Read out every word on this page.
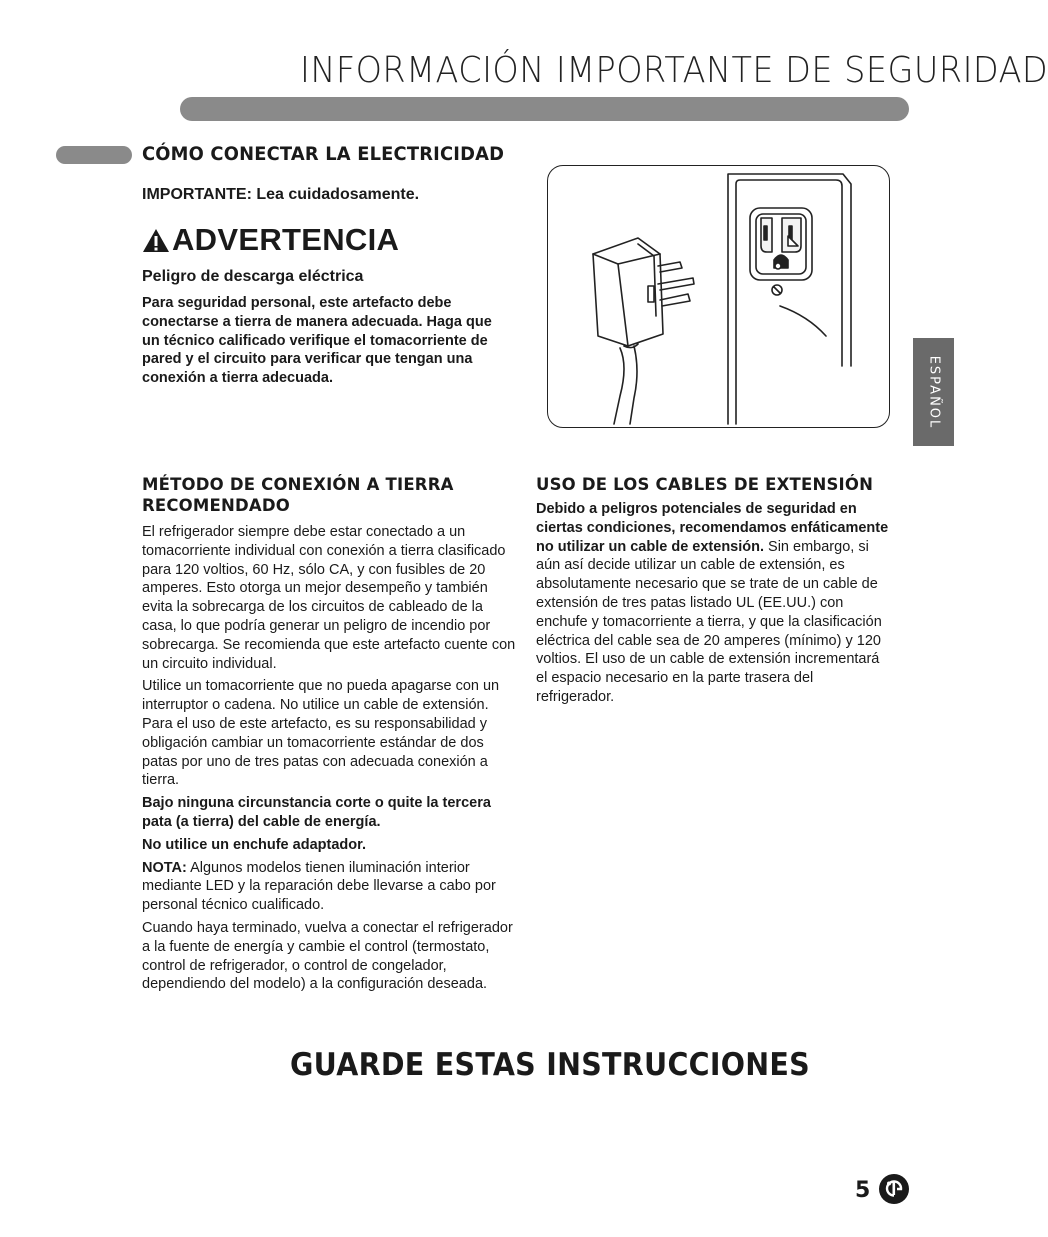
INFORMACIÓN IMPORTANTE DE SEGURIDAD
CÓMO CONECTAR LA ELECTRICIDAD
IMPORTANTE: Lea cuidadosamente.
ADVERTENCIA
Peligro de descarga eléctrica
Para seguridad personal, este artefacto debe conectarse a tierra de manera adecuada. Haga que un técnico calificado verifique el tomacorriente de pared y el circuito para verificar que tengan una conexión a tierra adecuada.	ESPAÑOL
MÉTODO DE CONEXIÓN A TIERRA RECOMENDADO

El refrigerador siempre debe estar conectado a un tomacorriente individual con conexión a tierra clasificado para 120 voltios, 60 Hz, sólo CA, y con fusibles de 20 amperes. Esto otorga un mejor desempeño y también evita la sobrecarga de los circuitos de cableado de la casa, lo que podría generar un peligro de incendio por sobrecarga. Se recomienda que este artefacto cuente con un circuito individual.

Utilice un tomacorriente que no pueda apagarse con un interruptor o cadena. No utilice un cable de extensión. Para el uso de este artefacto, es su responsabilidad y obligación cambiar un tomacorriente estándar de dos patas por uno de tres patas con adecuada conexión a tierra.

Bajo ninguna circunstancia corte o quite la tercera pata (a tierra) del cable de energía.

No utilice un enchufe adaptador.

NOTA: Algunos modelos tienen iluminación interior mediante LED y la reparación debe llevarse a cabo por personal técnico cualificado.

Cuando haya terminado, vuelva a conectar el refrigerador a la fuente de energía y cambie el control (termostato, control de refrigerador, o control de congelador, dependiendo del modelo) a la configuración deseada.

USO DE LOS CABLES DE EXTENSIÓN

Debido a peligros potenciales de seguridad en ciertas condiciones, recomendamos enfáticamente no utilizar un cable de extensión. Sin embargo, si aún así decide utilizar un cable de extensión, es absolutamente necesario que se trate de un cable de extensión de tres patas listado UL (EE.UU.) con enchufe y tomacorriente a tierra, y que la clasificación eléctrica del cable sea de 20 amperes (mínimo) y 120 voltios. El uso de un cable de extensión incrementará el espacio necesario en la parte trasera del refrigerador.

GUARDE ESTAS INSTRUCCIONES
5
